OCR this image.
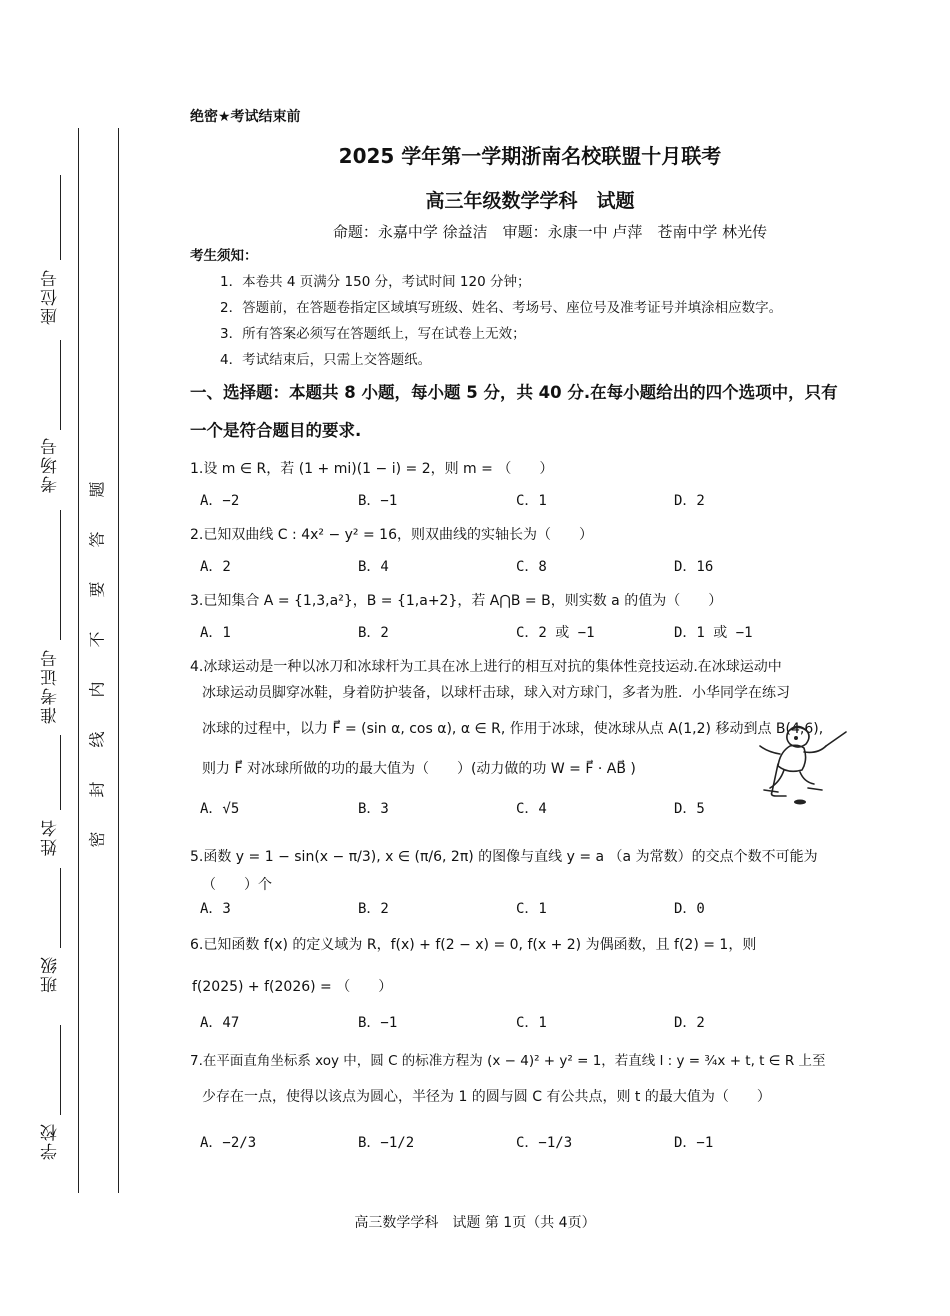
座位号
考场号
准考证号
姓名
班级
学校
题
答
要
不
内
线
封
密
绝密★考试结束前
2025 学年第一学期浙南名校联盟十月联考
高三年级数学学科　试题
命题：永嘉中学 徐益洁　审题：永康一中 卢萍　苍南中学 林光传
考生须知：
1．本卷共 4 页满分 150 分，考试时间 120 分钟；
2．答题前，在答题卷指定区域填写班级、姓名、考场号、座位号及准考证号并填涂相应数字。
3．所有答案必须写在答题纸上，写在试卷上无效；
4．考试结束后，只需上交答题纸。
一、选择题：本题共 8 小题，每小题 5 分，共 40 分.在每小题给出的四个选项中，只有
一个是符合题目的要求.
1.设 m ∈ R，若 (1 + mi)(1 − i) = 2，则 m = （　　）
A．−2	B．−1	C．1	D．2
2.已知双曲线 C : 4x² − y² = 16，则双曲线的实轴长为（　　）
A．2	B．4	C．8	D．16
3.已知集合 A = {1,3,a²}，B = {1,a+2}，若 A⋂B = B，则实数 a 的值为（　　）
A．1	B．2	C．2 或 −1	D．1 或 −1
4.冰球运动是一种以冰刀和冰球杆为工具在冰上进行的相互对抗的集体性竞技运动.在冰球运动中
冰球运动员脚穿冰鞋，身着防护装备，以球杆击球，球入对方球门，多者为胜．小华同学在练习
冰球的过程中，以力 F⃗ = (sin α, cos α), α ∈ R, 作用于冰球，使冰球从点 A(1,2) 移动到点 B(4,6),
则力 F⃗ 对冰球所做的功的最大值为（　　）(动力做的功 W = F⃗ · AB⃗ )
A．√5	B．3	C．4	D．5
5.函数 y = 1 − sin(x − π/3), x ∈ (π/6, 2π) 的图像与直线 y = a （a 为常数）的交点个数不可能为
（　　）个
A．3	B．2	C．1	D．0
6.已知函数 f(x) 的定义域为 R，f(x) + f(2 − x) = 0, f(x + 2) 为偶函数，且 f(2) = 1，则
f(2025) + f(2026) = （　　）
A．47	B．−1	C．1	D．2
7.在平面直角坐标系 xoy 中，圆 C 的标准方程为 (x − 4)² + y² = 1，若直线 l : y = ¾x + t, t ∈ R 上至
少存在一点，使得以该点为圆心，半径为 1 的圆与圆 C 有公共点，则 t 的最大值为（　　）
A．−2/3	B．−1/2	C．−1/3	D．−1
高三数学学科　试题 第 1页（共 4页）
